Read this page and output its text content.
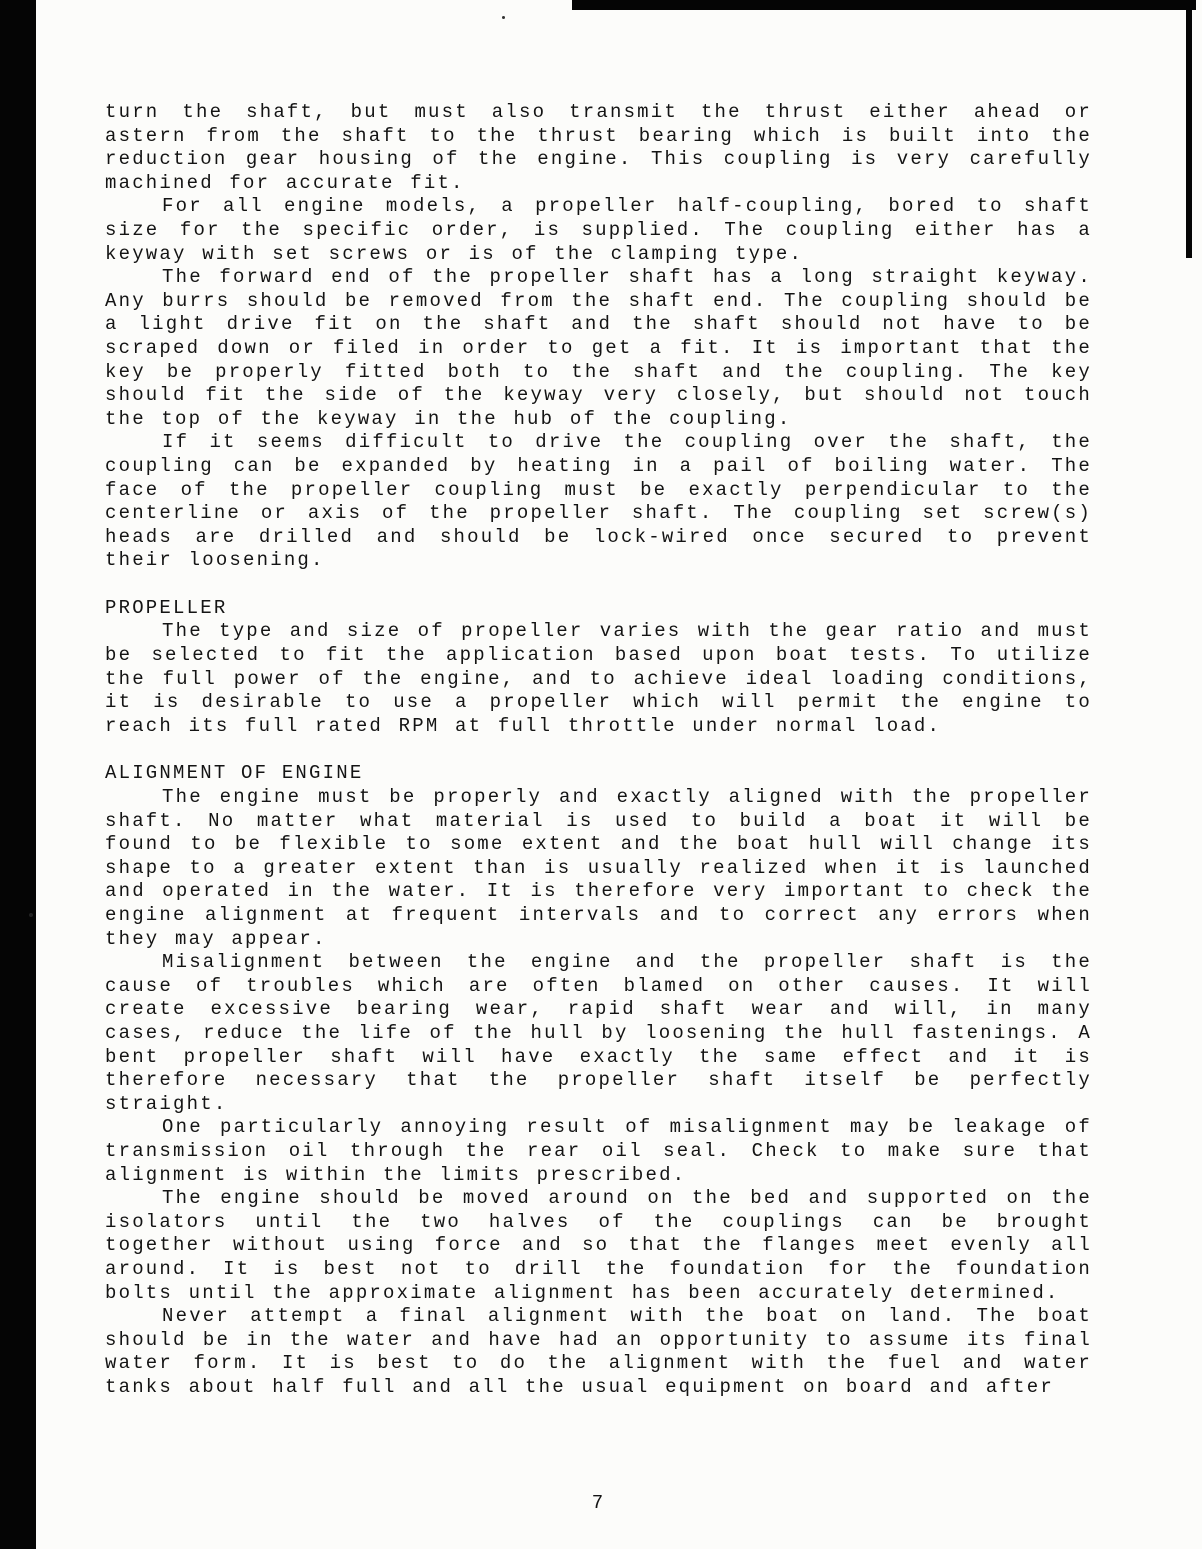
turn the shaft, but must also transmit the thrust either ahead or astern from the shaft to the thrust bearing which is built into the reduction gear housing of the engine. This coupling is very carefully machined for accurate fit.

For all engine models, a propeller half-coupling, bored to shaft size for the specific order, is supplied. The coupling either has a keyway with set screws or is of the clamping type.

The forward end of the propeller shaft has a long straight keyway. Any burrs should be removed from the shaft end. The coupling should be a light drive fit on the shaft and the shaft should not have to be scraped down or filed in order to get a fit. It is important that the key be properly fitted both to the shaft and the coupling. The key should fit the side of the keyway very closely, but should not touch the top of the keyway in the hub of the coupling.

If it seems difficult to drive the coupling over the shaft, the coupling can be expanded by heating in a pail of boiling water. The face of the propeller coupling must be exactly perpendicular to the centerline or axis of the propeller shaft. The coupling set screw(s) heads are drilled and should be lock-wired once secured to prevent their loosening.

PROPELLER

The type and size of propeller varies with the gear ratio and must be selected to fit the application based upon boat tests. To utilize the full power of the engine, and to achieve ideal loading conditions, it is desirable to use a propeller which will permit the engine to reach its full rated RPM at full throttle under normal load.

ALIGNMENT OF ENGINE

The engine must be properly and exactly aligned with the propeller shaft. No matter what material is used to build a boat it will be found to be flexible to some extent and the boat hull will change its shape to a greater extent than is usually realized when it is launched and operated in the water. It is therefore very important to check the engine alignment at frequent intervals and to correct any errors when they may appear.

Misalignment between the engine and the propeller shaft is the cause of troubles which are often blamed on other causes. It will create excessive bearing wear, rapid shaft wear and will, in many cases, reduce the life of the hull by loosening the hull fastenings. A bent propeller shaft will have exactly the same effect and it is therefore necessary that the propeller shaft itself be perfectly straight.

One particularly annoying result of misalignment may be leakage of transmission oil through the rear oil seal. Check to make sure that alignment is within the limits prescribed.

The engine should be moved around on the bed and supported on the isolators until the two halves of the couplings can be brought together without using force and so that the flanges meet evenly all around. It is best not to drill the foundation for the foundation bolts until the approximate alignment has been accurately determined.

Never attempt a final alignment with the boat on land. The boat should be in the water and have had an opportunity to assume its final water form. It is best to do the alignment with the fuel and water tanks about half full and all the usual equipment on board and after

7
